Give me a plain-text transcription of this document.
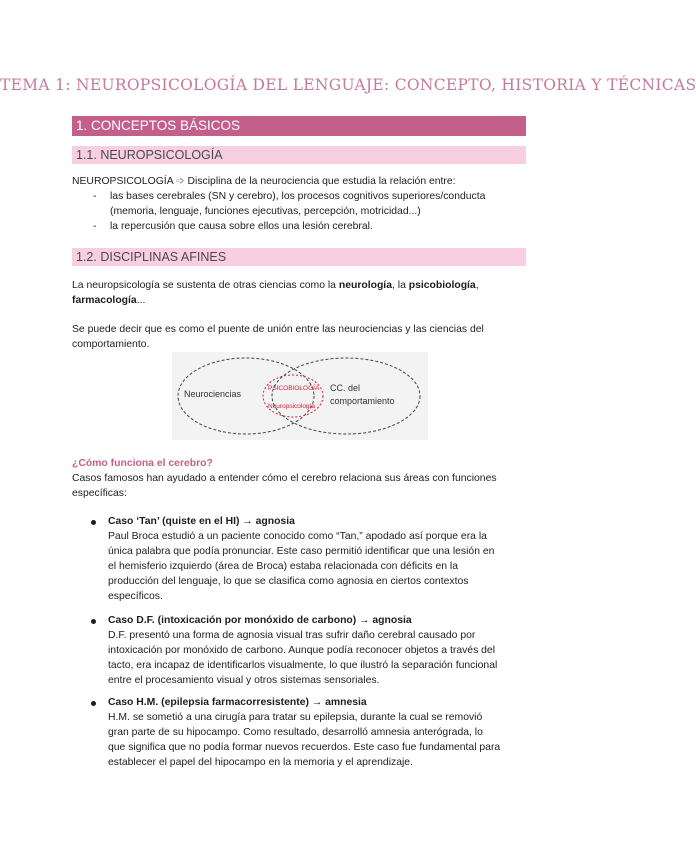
TEMA 1: NEUROPSICOLOGÍA DEL LENGUAJE: CONCEPTO, HISTORIA Y TÉCNICAS
1. CONCEPTOS BÁSICOS
1.1. NEUROPSICOLOGÍA
NEUROPSICOLOGÍA ➩ Disciplina de la neurociencia que estudia la relación entre:
- las bases cerebrales (SN y cerebro), los procesos cognitivos superiores/conducta
(memoria, lenguaje, funciones ejecutivas, percepción, motricidad...)
- la repercusión que causa sobre ellos una lesión cerebral.
1.2. DISCIPLINAS AFINES
La neuropsicología se sustenta de otras ciencias como la neurología, la psicobiología,
farmacología...
Se puede decir que es como el puente de unión entre las neurociencias y las ciencias del
comportamiento.
Neurociencias
PSICOBIOLOGÍA
Neuropsicología
CC. del
comportamiento
¿Cómo funciona el cerebro?
Casos famosos han ayudado a entender cómo el cerebro relaciona sus áreas con funciones
específicas:
Caso ‘Tan’ (quiste en el HI) → agnosia
Paul Broca estudió a un paciente conocido como “Tan,” apodado así porque era la
única palabra que podía pronunciar. Este caso permitió identificar que una lesión en
el hemisferio izquierdo (área de Broca) estaba relacionada con déficits en la
producción del lenguaje, lo que se clasifica como agnosia en ciertos contextos
específicos.
Caso D.F. (intoxicación por monóxido de carbono) → agnosia
D.F. presentó una forma de agnosia visual tras sufrir daño cerebral causado por
intoxicación por monóxido de carbono. Aunque podía reconocer objetos a través del
tacto, era incapaz de identificarlos visualmente, lo que ilustró la separación funcional
entre el procesamiento visual y otros sistemas sensoriales.
Caso H.M. (epilepsia farmacorresistente) → amnesia
H.M. se sometió a una cirugía para tratar su epilepsia, durante la cual se removió
gran parte de su hipocampo. Como resultado, desarrolló amnesia anterógrada, lo
que significa que no podía formar nuevos recuerdos. Este caso fue fundamental para
establecer el papel del hipocampo en la memoria y el aprendizaje.
